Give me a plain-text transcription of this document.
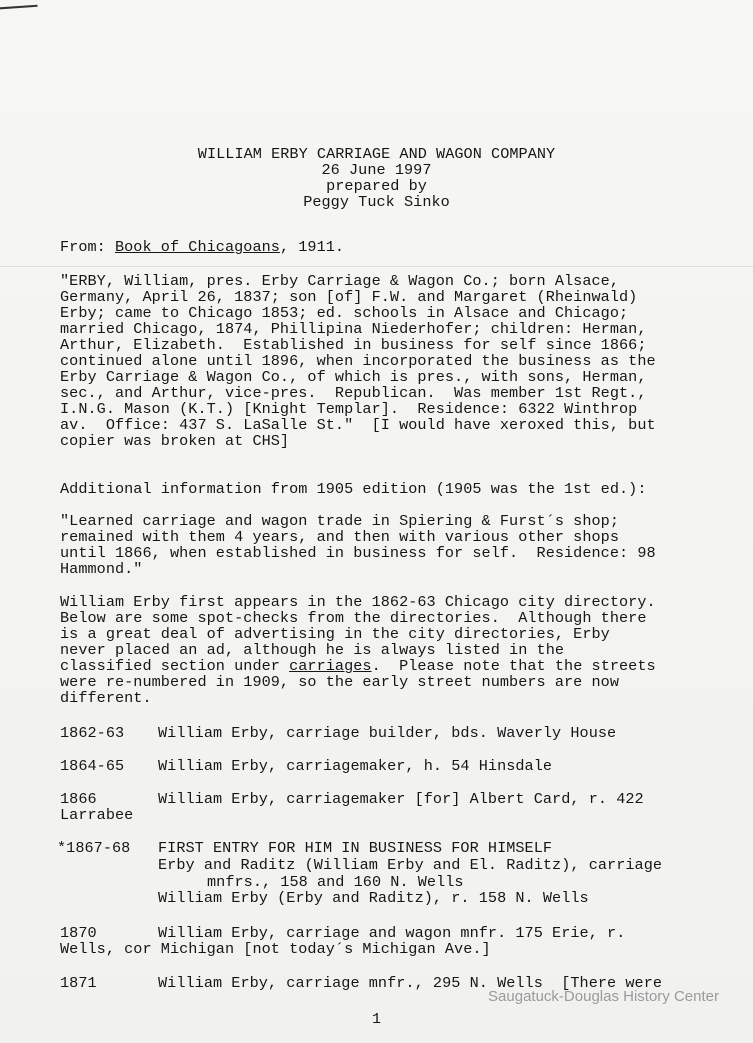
WILLIAM ERBY CARRIAGE AND WAGON COMPANY
26 June 1997
prepared by
Peggy Tuck Sinko
From: Book of Chicagoans, 1911.
"ERBY, William, pres. Erby Carriage & Wagon Co.; born Alsace,
Germany, April 26, 1837; son [of] F.W. and Margaret (Rheinwald)
Erby; came to Chicago 1853; ed. schools in Alsace and Chicago;
married Chicago, 1874, Phillipina Niederhofer; children: Herman,
Arthur, Elizabeth.  Established in business for self since 1866;
continued alone until 1896, when incorporated the business as the
Erby Carriage & Wagon Co., of which is pres., with sons, Herman,
sec., and Arthur, vice-pres.  Republican.  Was member 1st Regt.,
I.N.G. Mason (K.T.) [Knight Templar].  Residence: 6322 Winthrop
av.  Office: 437 S. LaSalle St."  [I would have xeroxed this, but
copier was broken at CHS]
Additional information from 1905 edition (1905 was the 1st ed.):
"Learned carriage and wagon trade in Spiering & Furst´s shop;
remained with them 4 years, and then with various other shops
until 1866, when established in business for self.  Residence: 98
Hammond."
William Erby first appears in the 1862-63 Chicago city directory.
Below are some spot-checks from the directories.  Although there
is a great deal of advertising in the city directories, Erby
never placed an ad, although he is always listed in the
classified section under carriages.  Please note that the streets
were re-numbered in 1909, so the early street numbers are now
different.
1862-63 William Erby, carriage builder, bds. Waverly House
1864-65 William Erby, carriagemaker, h. 54 Hinsdale
1866	William Erby, carriagemaker [for] Albert Card, r. 422
Larrabee
*1867-68 FIRST ENTRY FOR HIM IN BUSINESS FOR HIMSELF
Erby and Raditz (William Erby and El. Raditz), carriage
mnfrs., 158 and 160 N. Wells
William Erby (Erby and Raditz), r. 158 N. Wells
1870	William Erby, carriage and wagon mnfr. 175 Erie, r.
Wells, cor Michigan [not today´s Michigan Ave.]
1871	William Erby, carriage mnfr., 295 N. Wells  [There were
Saugatuck-Douglas History Center
1
